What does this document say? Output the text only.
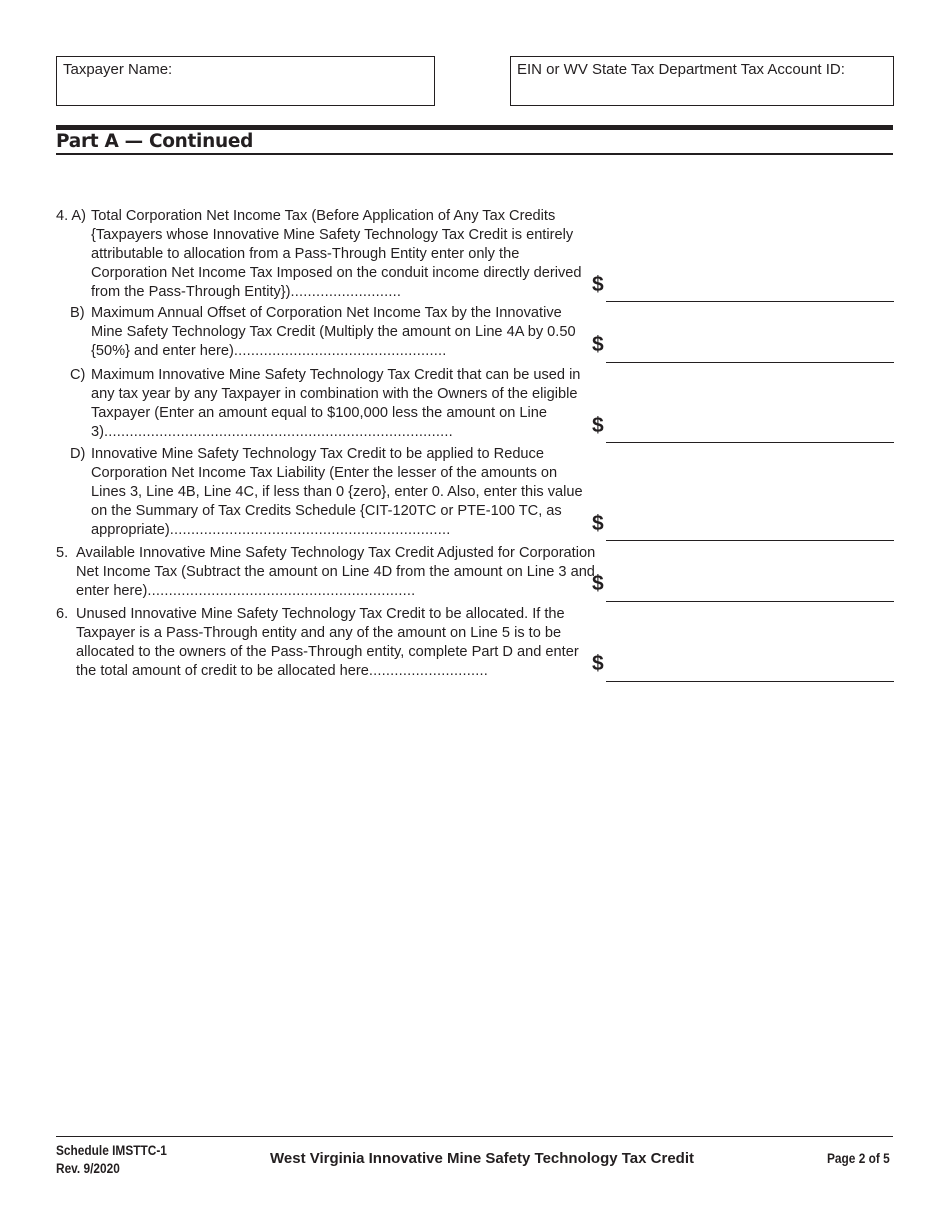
Taxpayer Name:	EIN or WV State Tax Department Tax Account ID:
Part A — Continued
4. A) Total Corporation Net Income Tax (Before Application of Any Tax Credits {Taxpayers whose Innovative Mine Safety Technology Tax Credit is entirely attributable to allocation from a Pass-Through Entity enter only the Corporation Net Income Tax Imposed on the conduit income directly derived from the Pass-Through Entity})..........................	$
B) Maximum Annual Offset of Corporation Net Income Tax by the Innovative Mine Safety Technology Tax Credit (Multiply the amount on Line 4A by 0.50 {50%} and enter here)..................................................	$
C) Maximum Innovative Mine Safety Technology Tax Credit that can be used in any tax year by any Taxpayer in combination with the Owners of the eligible Taxpayer (Enter an amount equal to $100,000 less the amount on Line 3)..................................................................................	$
D) Innovative Mine Safety Technology Tax Credit to be applied to Reduce Corporation Net Income Tax Liability (Enter the lesser of the amounts on Lines 3, Line 4B, Line 4C, if less than 0 {zero}, enter 0. Also, enter this value on the Summary of Tax Credits Schedule {CIT-120TC or PTE-100 TC, as appropriate)..................................................................	$
5. Available Innovative Mine Safety Technology Tax Credit Adjusted for Corporation Net Income Tax (Subtract the amount on Line 4D from the amount on Line 3 and enter here)...............................................................	$
6. Unused Innovative Mine Safety Technology Tax Credit to be allocated. If the Taxpayer is a Pass-Through entity and any of the amount on Line 5 is to be allocated to the owners of the Pass-Through entity, complete Part D and enter the total amount of credit to be allocated here............................	$
Schedule IMSTTC-1
Rev. 9/2020
West Virginia Innovative Mine Safety Technology Tax Credit	Page 2 of 5
